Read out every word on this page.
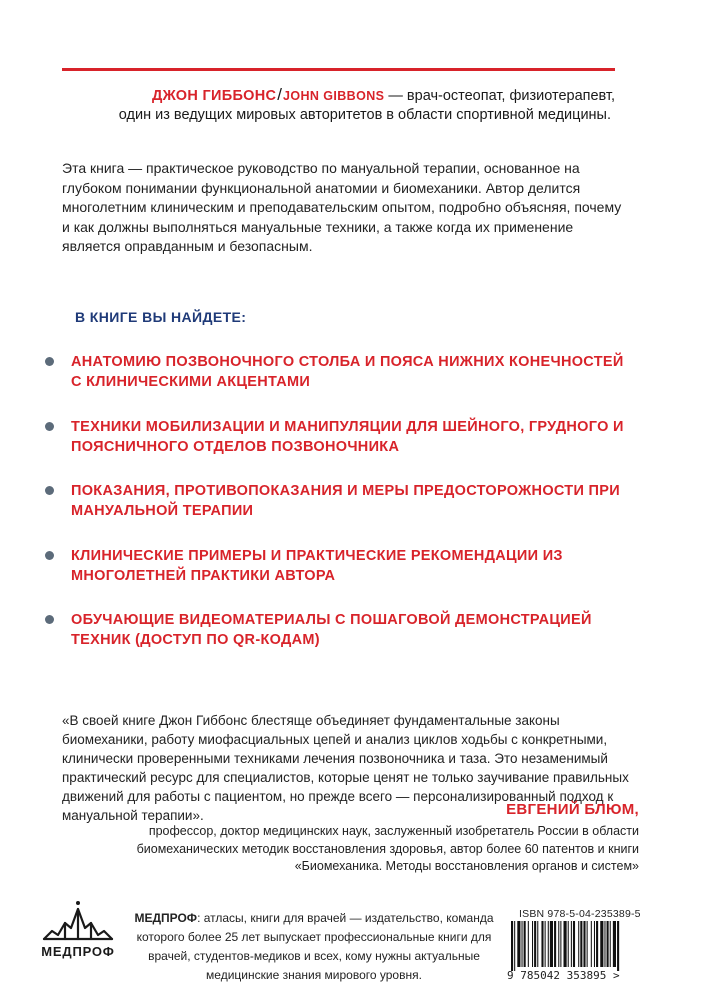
ДЖОН ГИББОНС/JOHN GIBBONS — врач-остеопат, физиотерапевт,
один из ведущих мировых авторитетов в области спортивной медицины.

Эта книга — практическое руководство по мануальной терапии, основанное на глубоком понимании функциональной анатомии и биомеханики. Автор делится многолетним клиническим и преподавательским опытом, подробно объясняя, почему и как должны выполняться мануальные техники, а также когда их применение является оправданным и безопасным.

В КНИГЕ ВЫ НАЙДЕТЕ:
АНАТОМИЮ ПОЗВОНОЧНОГО СТОЛБА И ПОЯСА НИЖНИХ КОНЕЧНОСТЕЙ С КЛИНИЧЕСКИМИ АКЦЕНТАМИ
ТЕХНИКИ МОБИЛИЗАЦИИ И МАНИПУЛЯЦИИ ДЛЯ ШЕЙНОГО, ГРУДНОГО И ПОЯСНИЧНОГО ОТДЕЛОВ ПОЗВОНОЧНИКА
ПОКАЗАНИЯ, ПРОТИВОПОКАЗАНИЯ И МЕРЫ ПРЕДОСТОРОЖНОСТИ ПРИ МАНУАЛЬНОЙ ТЕРАПИИ
КЛИНИЧЕСКИЕ ПРИМЕРЫ И ПРАКТИЧЕСКИЕ РЕКОМЕНДАЦИИ ИЗ МНОГОЛЕТНЕЙ ПРАКТИКИ АВТОРА
ОБУЧАЮЩИЕ ВИДЕОМАТЕРИАЛЫ С ПОШАГОВОЙ ДЕМОНСТРАЦИЕЙ ТЕХНИК (ДОСТУП ПО QR-КОДАМ)

«В своей книге Джон Гиббонс блестяще объединяет фундаментальные законы биомеханики, работу миофасциальных цепей и анализ циклов ходьбы с конкретными, клинически проверенными техниками лечения позвоночника и таза. Это незаменимый практический ресурс для специалистов, которые ценят не только заучивание правильных движений для работы с пациентом, но прежде всего — персонализированный подход к мануальной терапии».	ЕВГЕНИЙ БЛЮМ,

профессор, доктор медицинских наук, заслуженный изобретатель России в области биомеханических методик восстановления здоровья, автор более 60 патентов и книги «Биомеханика. Методы восстановления органов и систем»

МЕДПРОФ

МЕДПРОФ: атласы, книги для врачей — издательство, команда которого более 25 лет выпускает профессиональные книги для врачей, студентов-медиков и всех, кому нужны актуальные медицинские знания мирового уровня.

ISBN 978-5-04-235389-5
9 785042 353895 >
